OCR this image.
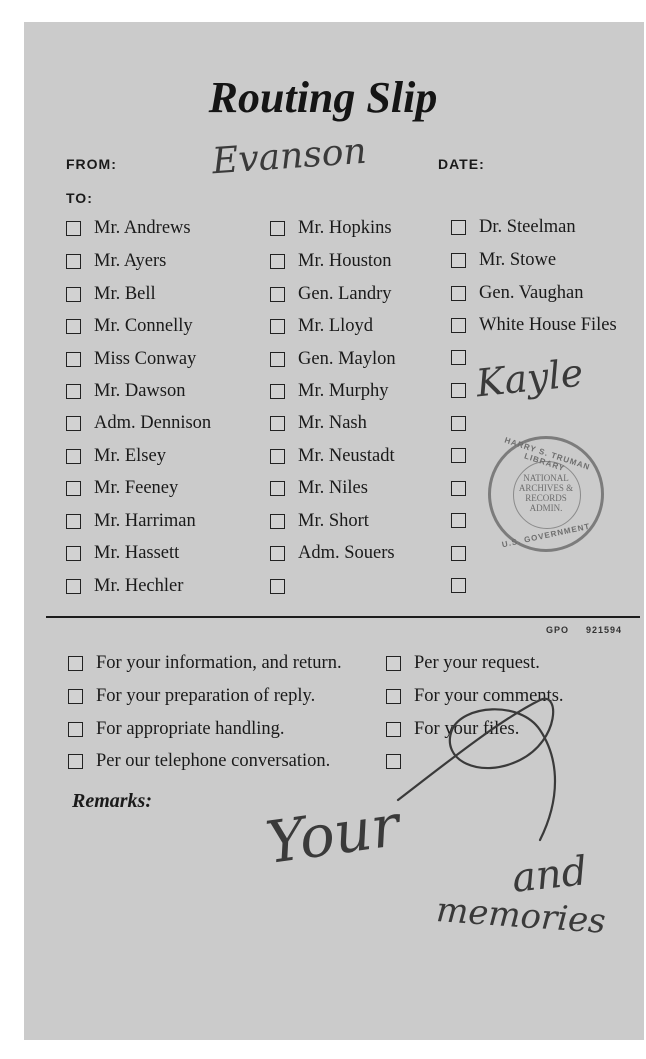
Routing Slip
FROM:	Evanson	DATE:
TO:
Mr. Andrews
Mr. Ayers
Mr. Bell
Mr. Connelly
Miss Conway
Mr. Dawson
Adm. Dennison
Mr. Elsey
Mr. Feeney
Mr. Harriman
Mr. Hassett
Mr. Hechler
Mr. Hopkins
Mr. Houston
Gen. Landry
Mr. Lloyd
Gen. Maylon
Mr. Murphy
Mr. Nash
Mr. Neustadt
Mr. Niles
Mr. Short
Adm. Souers
Dr. Steelman
Mr. Stowe
Gen. Vaughan
White House Files
Kayle
HARRY S. TRUMAN LIBRARY
U.S. GOVERNMENT
NATIONAL
ARCHIVES &
RECORDS
ADMIN.
GPO 921594
For your information, and return.
For your preparation of reply.
For appropriate handling.
Per our telephone conversation.
Per your request.
For your comments.
For your files.
Remarks: Your	and
memories
